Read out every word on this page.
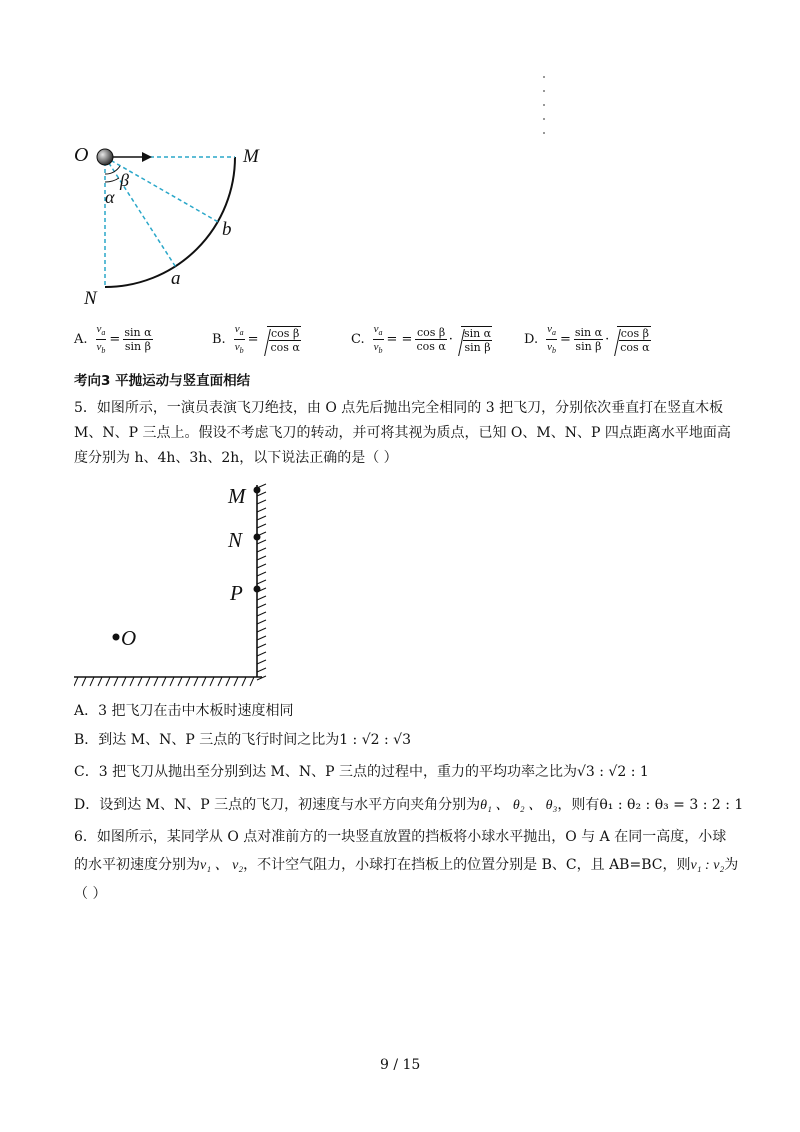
O	M
N
b
a
β
α
A. $\frac{v_a}{v_b} = \frac{\text{sin α}}{\text{sin β}}$	B. $\frac{v_a}{v_b} = \frac{\text{cos β}}{\text{cos α}}$	C. $\frac{v_a}{v_b}$ = = $\frac{\text{cos β}}{\text{cos α}} \cdot \frac{\text{sin α}}{\text{sin β}} D$. $\frac{v_a}{v_b} = \frac{\text{sin α}}{\text{sin β}} \cdot \frac{\text{cos β}}{\text{cos α}}$
考向3 平抛运动与竖直面相结
5．如图所示，一演员表演飞刀绝技，由 O 点先后抛出完全相同的 3 把飞刀，分别依次垂直打在竖直木板
M、N、P 三点上。假设不考虑飞刀的转动，并可将其视为质点，已知 O、M、N、P 四点距离水平地面高
度分别为 h、4h、3h、2h，以下说法正确的是（ ）
M
N
P
O
A．3 把飞刀在击中木板时速度相同
B．到达 M、N、P 三点的飞行时间之比为1 : √2 : √3
C．3 把飞刀从抛出至分别到达 M、N、P 三点的过程中，重力的平均功率之比为√3 : √2 : 1
D．设到达 M、N、P 三点的飞刀，初速度与水平方向夹角分别为θ₁ 、 θ₂ 、 θ₃，则有θ₁ : θ₂ : θ₃ = 3 : 2 : 1
6．如图所示，某同学从 O 点对准前方的一块竖直放置的挡板将小球水平抛出，O 与 A 在同一高度，小球
的水平初速度分别为v₁ 、 v₂，不计空气阻力，小球打在挡板上的位置分别是 B、C，且 AB=BC，则v₁ : v₂为
（ ）
9 / 15
